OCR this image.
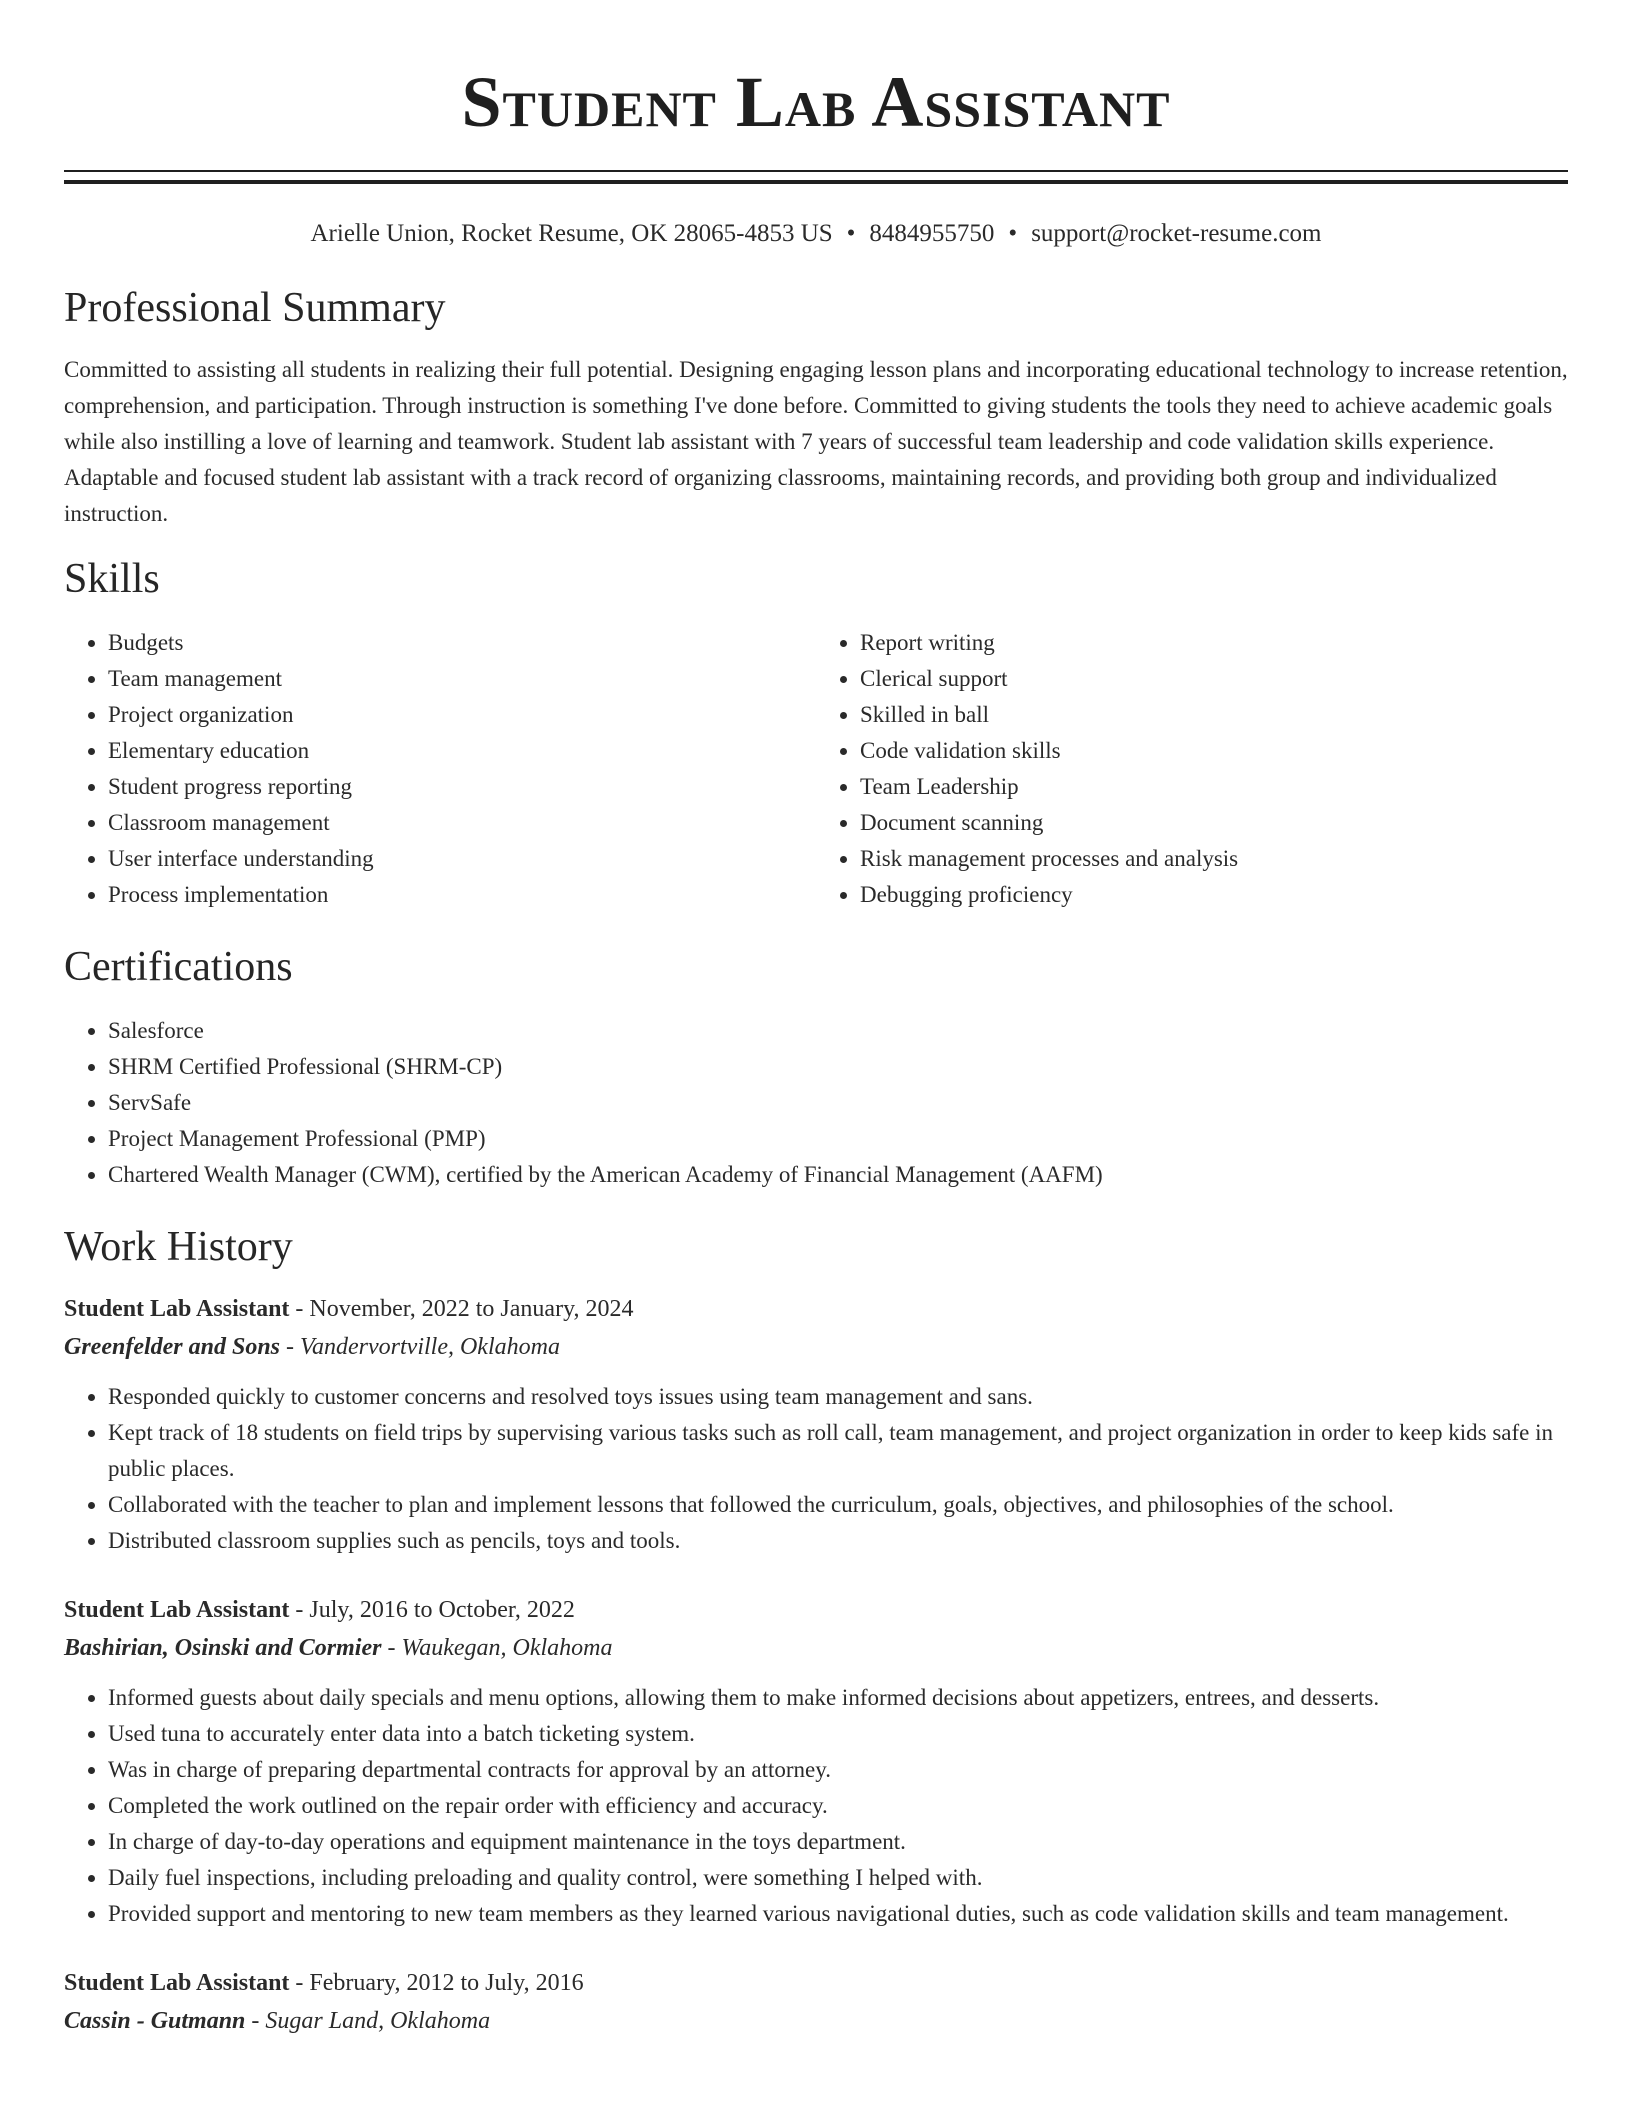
Student Lab Assistant
Arielle Union, Rocket Resume, OK 28065-4853 US • 8484955750 • support@rocket-resume.com
Professional Summary

Committed to assisting all students in realizing their full potential. Designing engaging lesson plans and incorporating educational technology to increase retention, comprehension, and participation. Through instruction is something I've done before. Committed to giving students the tools they need to achieve academic goals while also instilling a love of learning and teamwork. Student lab assistant with 7 years of successful team leadership and code validation skills experience. Adaptable and focused student lab assistant with a track record of organizing classrooms, maintaining records, and providing both group and individualized instruction.

Skills
• Budgets
• Team management
• Project organization
• Elementary education
• Student progress reporting
• Classroom management
• User interface understanding
• Process implementation
• Report writing
• Clerical support
• Skilled in ball
• Code validation skills
• Team Leadership
• Document scanning
• Risk management processes and analysis
• Debugging proficiency
Certifications
• Salesforce
• SHRM Certified Professional (SHRM-CP)
• ServSafe
• Project Management Professional (PMP)
• Chartered Wealth Manager (CWM), certified by the American Academy of Financial Management (AAFM)
Work History
Student Lab Assistant - November, 2022 to January, 2024
Greenfelder and Sons - Vandervortville, Oklahoma
• Responded quickly to customer concerns and resolved toys issues using team management and sans.
• Kept track of 18 students on field trips by supervising various tasks such as roll call, team management, and project organization in order to keep kids safe in public places.
• Collaborated with the teacher to plan and implement lessons that followed the curriculum, goals, objectives, and philosophies of the school.
• Distributed classroom supplies such as pencils, toys and tools.
Student Lab Assistant - July, 2016 to October, 2022
Bashirian, Osinski and Cormier - Waukegan, Oklahoma
• Informed guests about daily specials and menu options, allowing them to make informed decisions about appetizers, entrees, and desserts.
• Used tuna to accurately enter data into a batch ticketing system.
• Was in charge of preparing departmental contracts for approval by an attorney.
• Completed the work outlined on the repair order with efficiency and accuracy.
• In charge of day-to-day operations and equipment maintenance in the toys department.
• Daily fuel inspections, including preloading and quality control, were something I helped with.
• Provided support and mentoring to new team members as they learned various navigational duties, such as code validation skills and team management.
Student Lab Assistant - February, 2012 to July, 2016
Cassin - Gutmann - Sugar Land, Oklahoma
